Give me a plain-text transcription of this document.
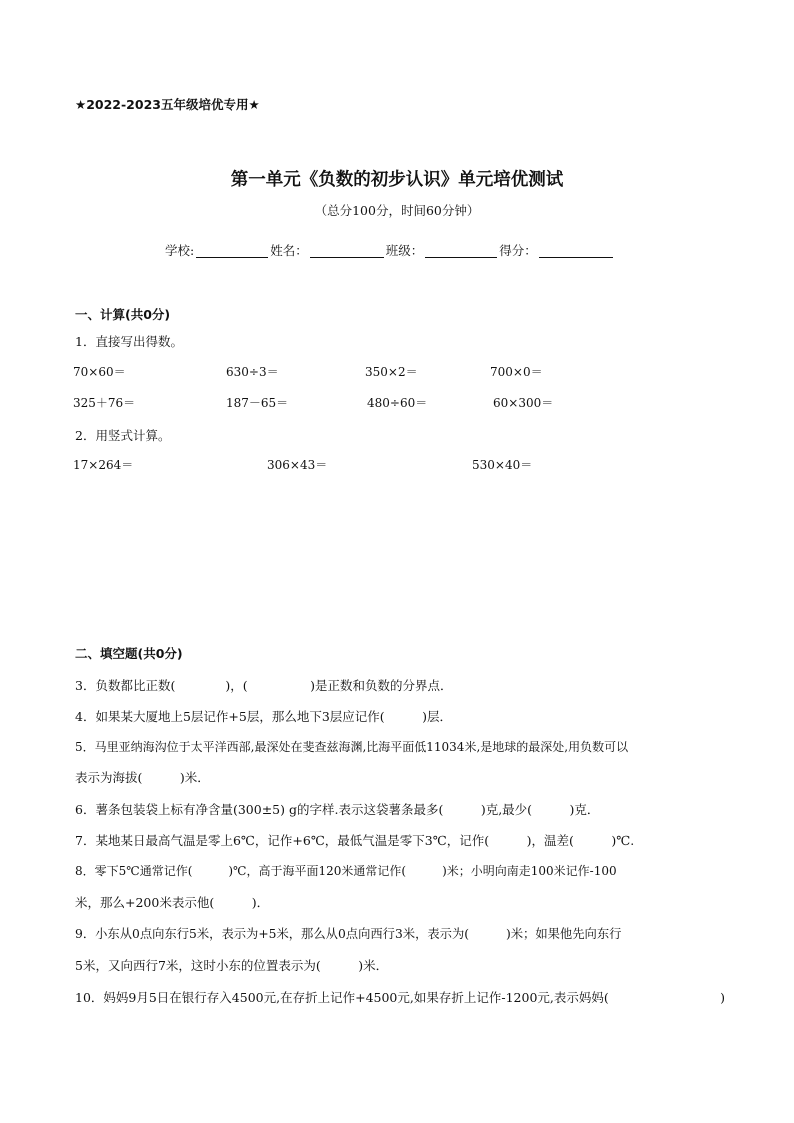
★2022-2023五年级培优专用★
第一单元《负数的初步认识》单元培优测试
（总分100分，时间60分钟）
学校:	姓名：	班级：	得分：
一、计算(共0分)
1．直接写出得数。
70×60＝	630÷3＝	350×2＝	700×0＝
325＋76＝	187－65＝	480÷60＝	60×300＝
2．用竖式计算。
17×264＝	306×43＝	530×40＝
二、填空题(共0分)
3．负数都比正数(　　　　)，(　　　　　)是正数和负数的分界点．
4．如果某大厦地上5层记作+5层，那么地下3层应记作(　　　)层．
5．马里亚纳海沟位于太平洋西部,最深处在斐查兹海渊,比海平面低11034米,是地球的最深处,用负数可以
表示为海拔(　　　)米．
6．薯条包装袋上标有净含量(300±5) g的字样.表示这袋薯条最多(　　　)克,最少(　　　)克．
7．某地某日最高气温是零上6℃，记作+6℃，最低气温是零下3℃，记作(　　　)，温差(　　　)℃.
8．零下5℃通常记作(　　　)℃，高于海平面120米通常记作(　　　)米；小明向南走100米记作-100
米，那么+200米表示他(　　　)．
9．小东从0点向东行5米，表示为+5米，那么从0点向西行3米，表示为(　　　)米；如果他先向东行
5米，又向西行7米，这时小东的位置表示为(　　　)米．
10．妈妈9月5日在银行存入4500元,在存折上记作+4500元,如果存折上记作-1200元,表示妈妈(	)
